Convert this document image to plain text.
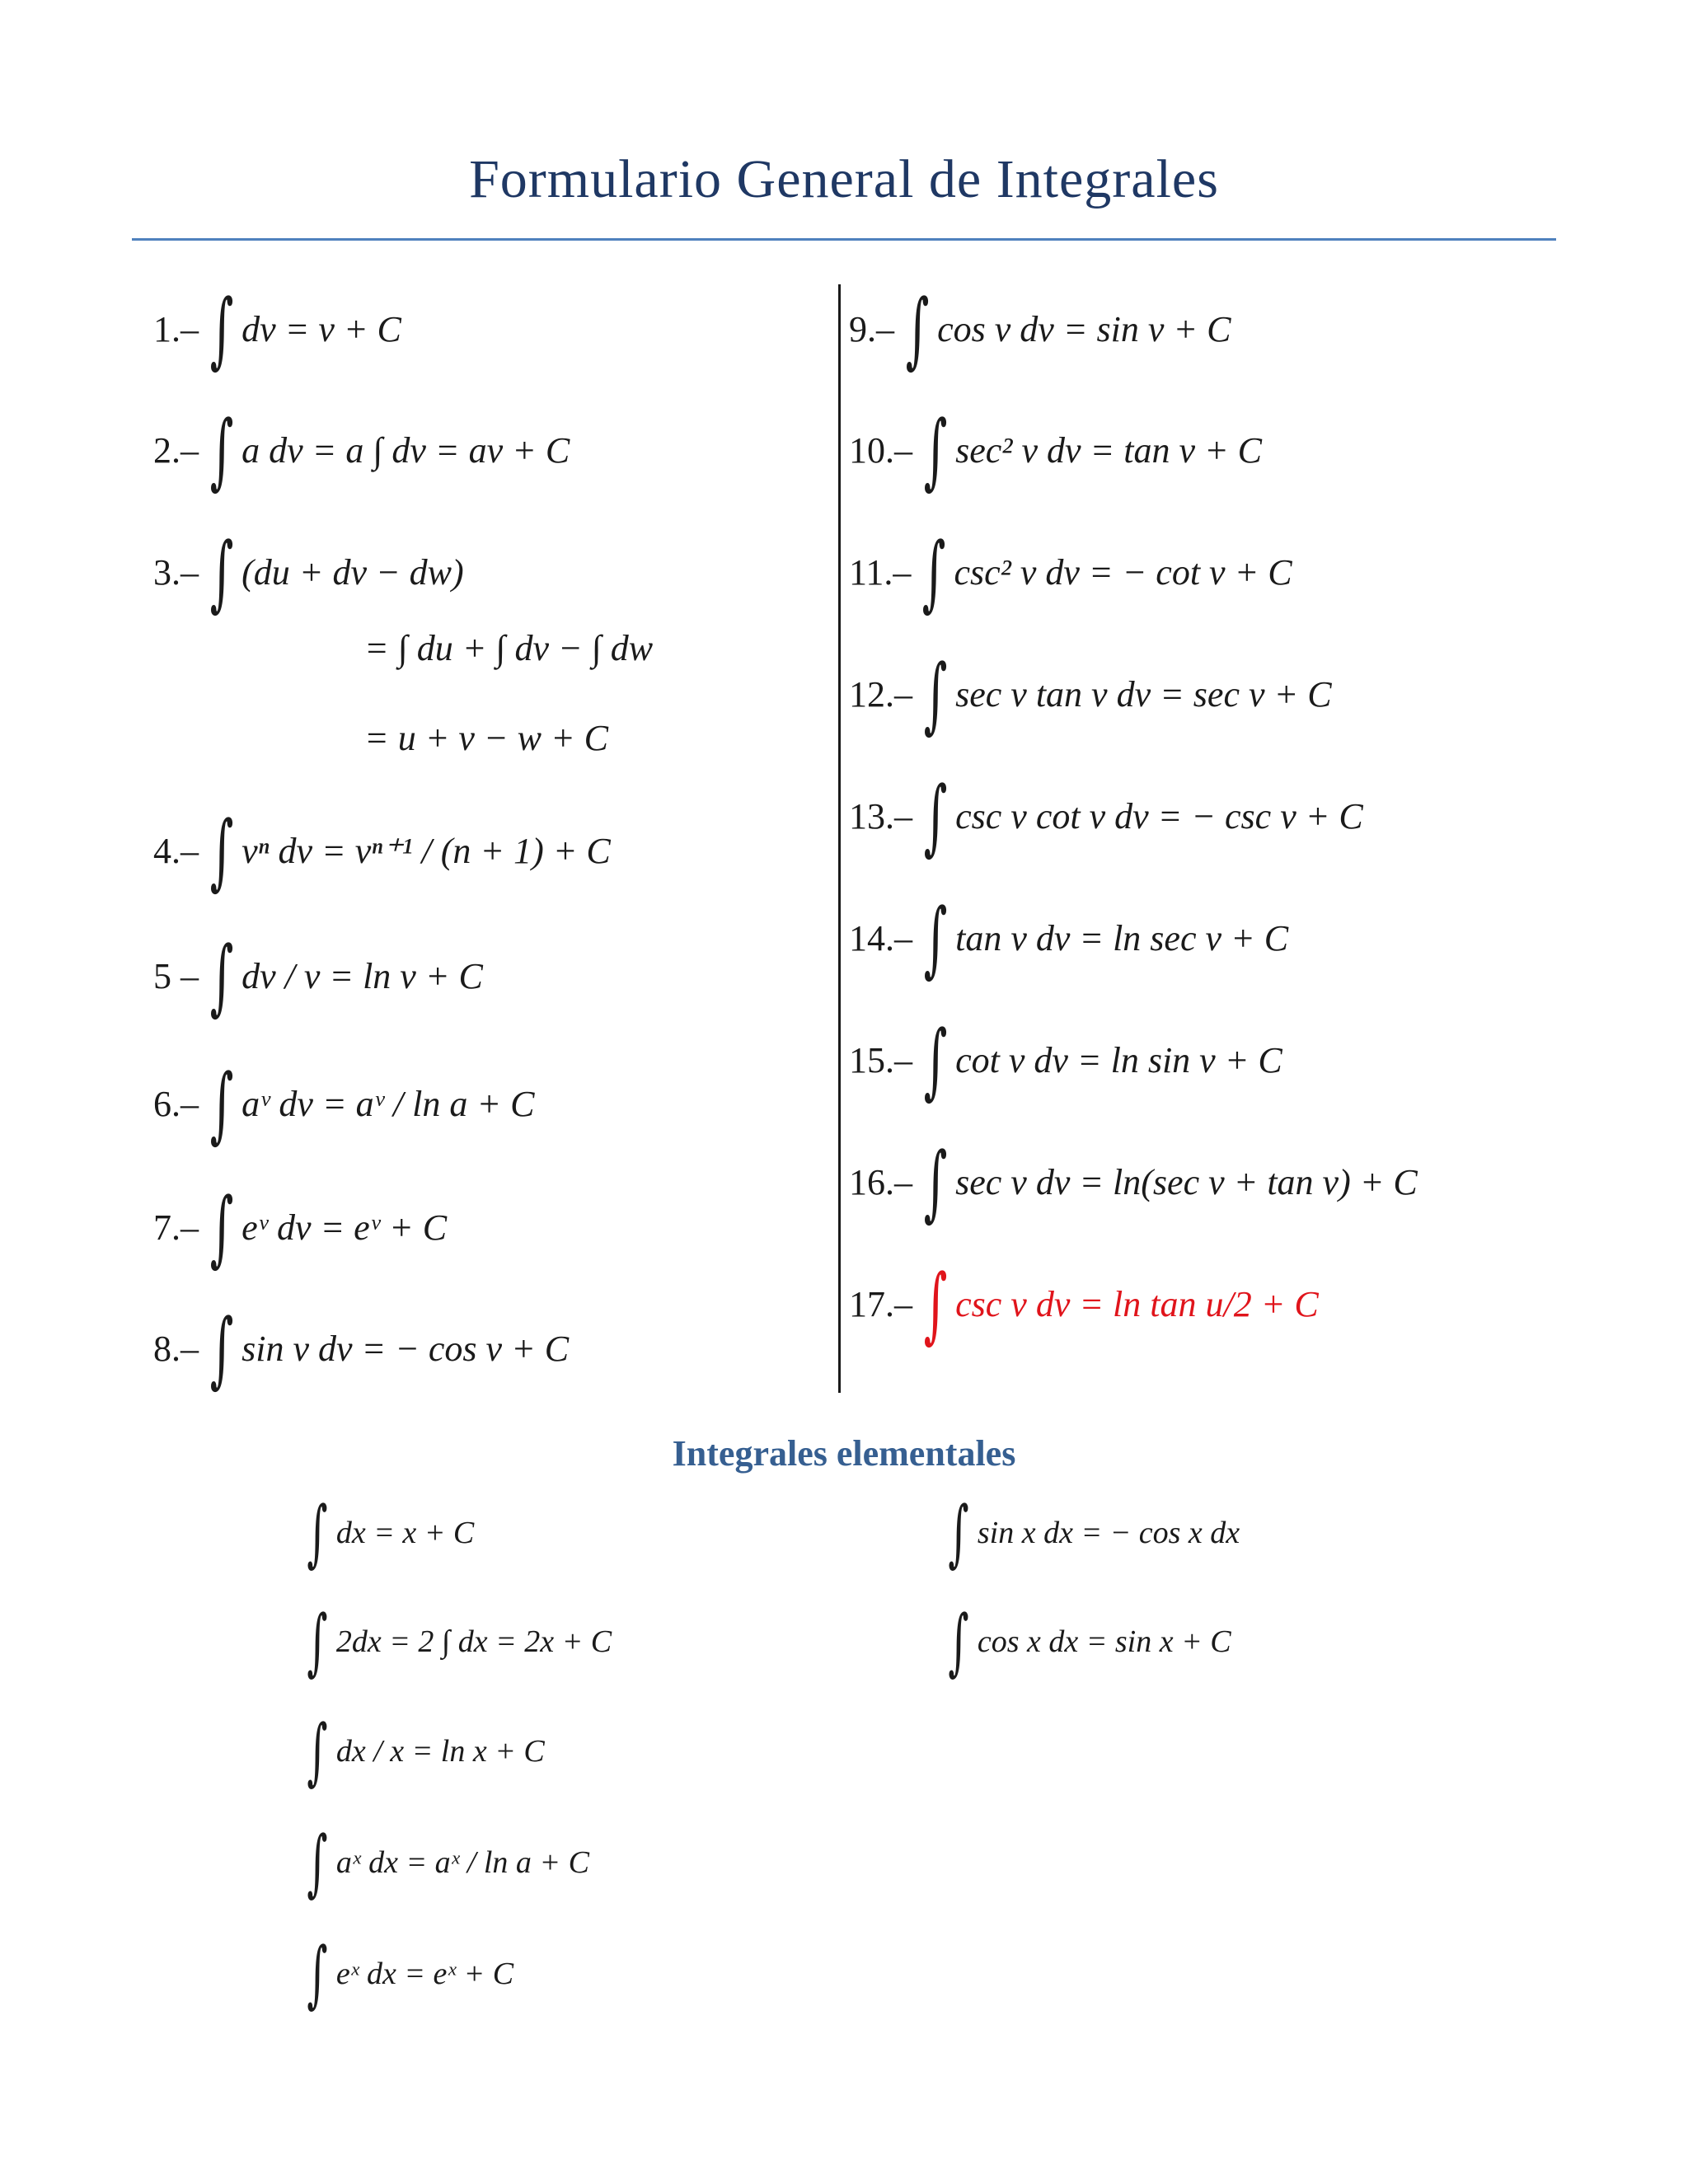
Formulario General de Integrales
1.– ∫ dv = v + C
2.– ∫ a dv = a ∫ dv = av + C
3.– ∫ (du + dv − dw)
= ∫ du + ∫ dv − ∫ dw
= u + v − w + C
4.– ∫ vⁿ dv = vⁿ⁺¹ / (n + 1) + C
5 – ∫ dv / v = ln v + C
6.– ∫ aᵛ dv = aᵛ / ln a + C
7.– ∫ eᵛ dv = eᵛ + C
8.– ∫ sin v dv = − cos v + C
9.– ∫ cos v dv = sin v + C
10.– ∫ sec² v dv = tan v + C
11.– ∫ csc² v dv = − cot v + C
12.– ∫ sec v tan v dv = sec v + C
13.– ∫ csc v cot v dv = − csc v + C
14.– ∫ tan v dv = ln sec v + C
15.– ∫ cot v dv = ln sin v + C
16.– ∫ sec v dv = ln(sec v + tan v) + C
17.– ∫ csc v dv = ln tan u/2 + C
Integrales elementales
∫ dx = x + C
∫ 2dx = 2 ∫ dx = 2x + C
∫ dx / x = ln x + C
∫ aˣ dx = aˣ / ln a + C
∫ eˣ dx = eˣ + C
∫ sin x dx = − cos x dx
∫ cos x dx = sin x + C
